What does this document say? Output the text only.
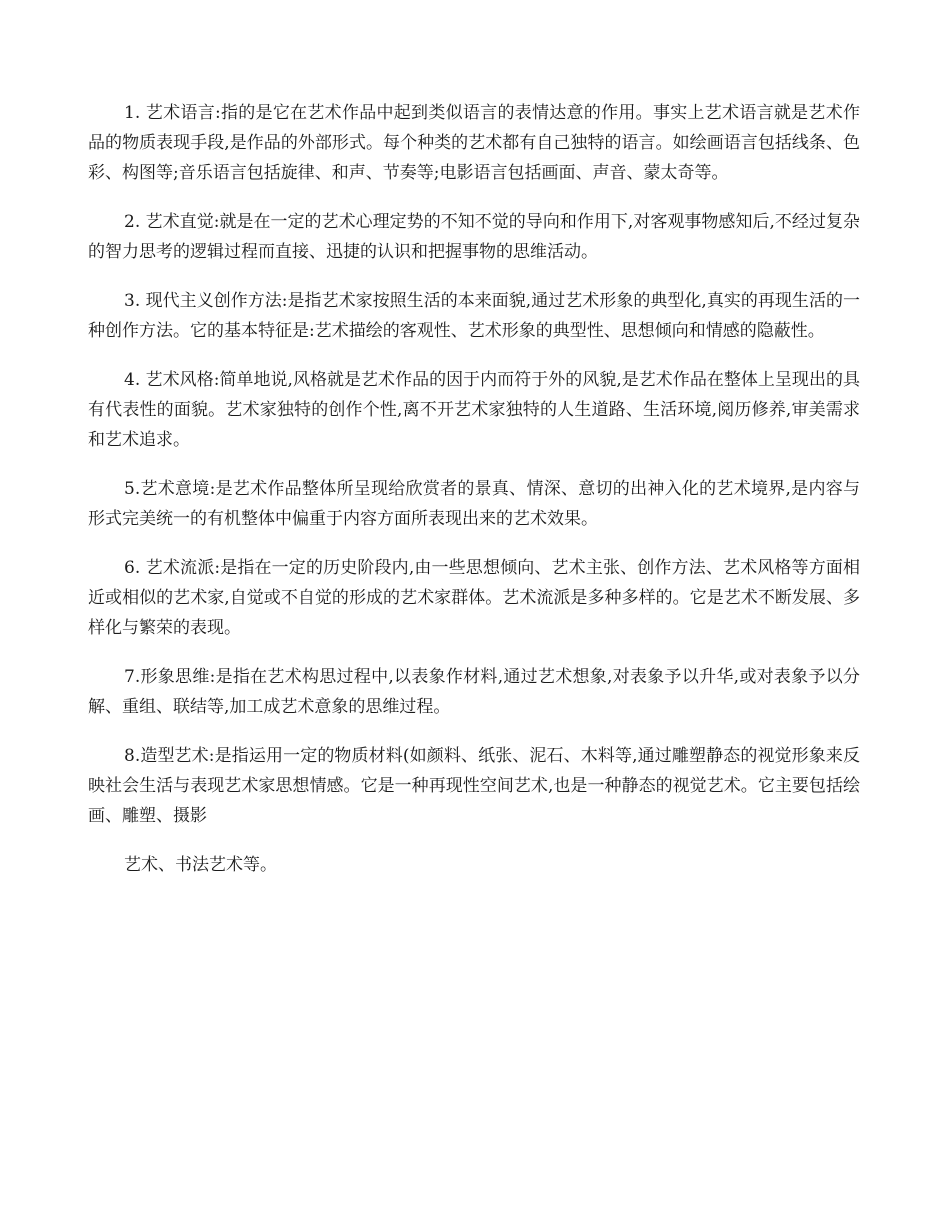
1. 艺术语言:指的是它在艺术作品中起到类似语言的表情达意的作用。事实上艺术语言就是艺术作品的物质表现手段,是作品的外部形式。每个种类的艺术都有自己独特的语言。如绘画语言包括线条、色彩、构图等;音乐语言包括旋律、和声、节奏等;电影语言包括画面、声音、蒙太奇等。

2. 艺术直觉:就是在一定的艺术心理定势的不知不觉的导向和作用下,对客观事物感知后,不经过复杂的智力思考的逻辑过程而直接、迅捷的认识和把握事物的思维活动。

3. 现代主义创作方法:是指艺术家按照生活的本来面貌,通过艺术形象的典型化,真实的再现生活的一种创作方法。它的基本特征是:艺术描绘的客观性、艺术形象的典型性、思想倾向和情感的隐蔽性。

4. 艺术风格:简单地说,风格就是艺术作品的因于内而符于外的风貌,是艺术作品在整体上呈现出的具有代表性的面貌。艺术家独特的创作个性,离不开艺术家独特的人生道路、生活环境,阅历修养,审美需求和艺术追求。

5.艺术意境:是艺术作品整体所呈现给欣赏者的景真、情深、意切的出神入化的艺术境界,是内容与形式完美统一的有机整体中偏重于内容方面所表现出来的艺术效果。

6. 艺术流派:是指在一定的历史阶段内,由一些思想倾向、艺术主张、创作方法、艺术风格等方面相近或相似的艺术家,自觉或不自觉的形成的艺术家群体。艺术流派是多种多样的。它是艺术不断发展、多样化与繁荣的表现。

7.形象思维:是指在艺术构思过程中,以表象作材料,通过艺术想象,对表象予以升华,或对表象予以分解、重组、联结等,加工成艺术意象的思维过程。

8.造型艺术:是指运用一定的物质材料(如颜料、纸张、泥石、木料等,通过雕塑静态的视觉形象来反映社会生活与表现艺术家思想情感。它是一种再现性空间艺术,也是一种静态的视觉艺术。它主要包括绘画、雕塑、摄影

艺术、书法艺术等。
